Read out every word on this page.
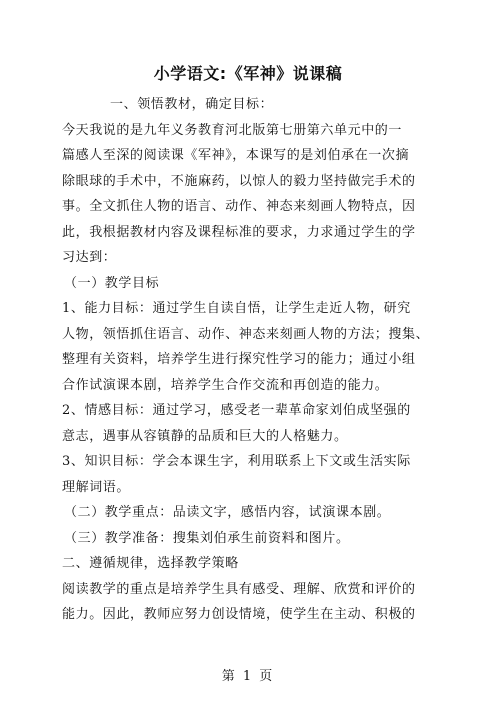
小学语文:《军神》说课稿
一、领悟教材，确定目标：
今天我说的是九年义务教育河北版第七册第六单元中的一
篇感人至深的阅读课《军神》，本课写的是刘伯承在一次摘
除眼球的手术中，不施麻药，以惊人的毅力坚持做完手术的
事。全文抓住人物的语言、动作、神态来刻画人物特点，因
此，我根据教材内容及课程标准的要求，力求通过学生的学
习达到：
（一）教学目标
1、能力目标：通过学生自读自悟，让学生走近人物，研究
人物，领悟抓住语言、动作、神态来刻画人物的方法；搜集、
整理有关资料，培养学生进行探究性学习的能力；通过小组
合作试演课本剧，培养学生合作交流和再创造的能力。
2、情感目标：通过学习，感受老一辈革命家刘伯成坚强的
意志，遇事从容镇静的品质和巨大的人格魅力。
3、知识目标：学会本课生字，利用联系上下文或生活实际
理解词语。
（二）教学重点：品读文字，感悟内容，试演课本剧。
（三）教学准备：搜集刘伯承生前资料和图片。
二、遵循规律，选择教学策略
阅读教学的重点是培养学生具有感受、理解、欣赏和评价的
能力。因此，教师应努力创设情境，使学生在主动、积极的
第 1 页
